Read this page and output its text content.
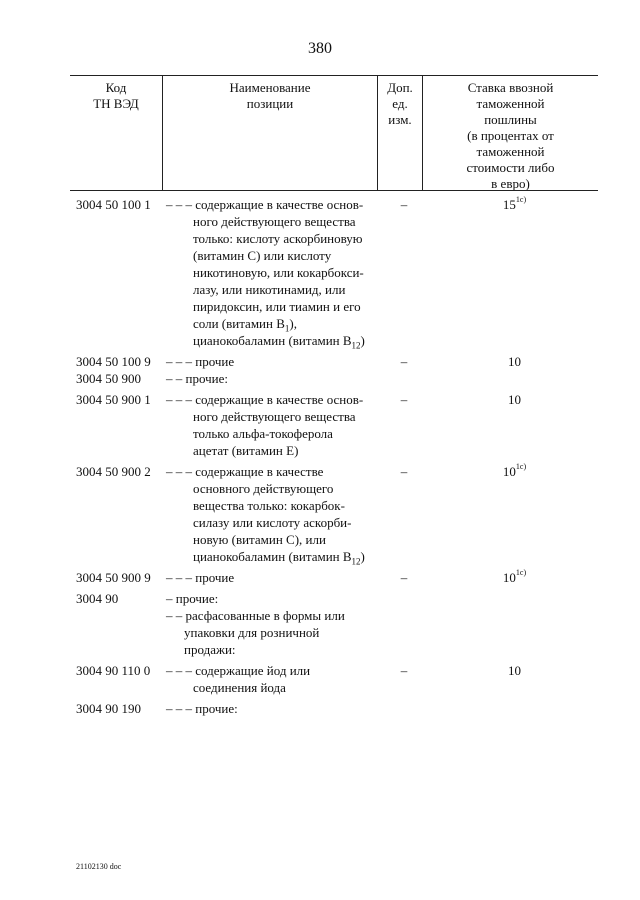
380
Код
ТН ВЭД
Наименование
позиции
Доп.
ед.
изм.
Ставка ввозной
таможенной
пошлины
(в процентах от
таможенной
стоимости либо
в евро)
3004 50 100 1	– – – содержащие в качестве основ-
ного действующего вещества
только: кислоту аскорбиновую
(витамин С) или кислоту
никотиновую, или кокарбокси-
лазу, или никотинамид, или
пиридоксин, или тиамин и его
соли (витамин $В_1$),
цианокобаламин (витамин $В_{12}$)
–	$15^{1с)}$
3004 50 100 9	– – – прочие	–	10
3004 50 900	– – прочие:
3004 50 900 1	– – – содержащие в качестве основ-
ного действующего вещества
только альфа-токоферола
ацетат (витамин Е)
–	10
3004 50 900 2	– – – содержащие в качестве
основного действующего
вещества только: кокарбок-
силазу или кислоту аскорби-
новую (витамин С), или
цианокобаламин (витамин $В_{12}$)
–	$10^{1с)}$
3004 50 900 9	– – – прочие	–	$10^{1с)}$
3004 90	– прочие:
– – расфасованные в формы или
упаковки для розничной
продажи:
3004 90 110 0	– – – содержащие йод или
соединения йода
–	10
3004 90 190	– – – прочие:
21102130 doc
